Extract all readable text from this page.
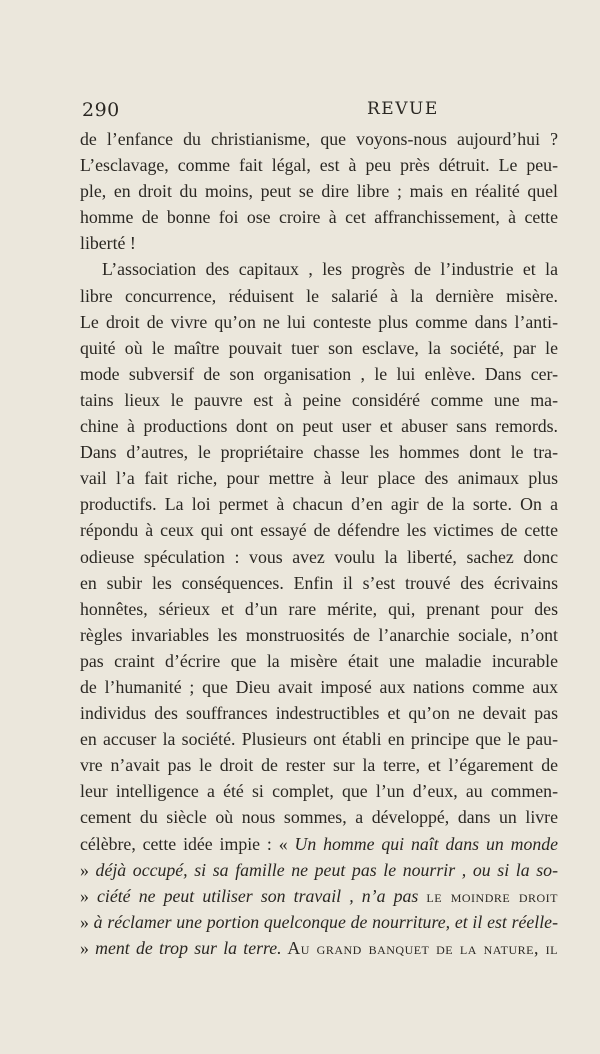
290	REVUE
de l’enfance du christianisme, que voyons-nous aujourd’hui ?
L’esclavage, comme fait légal, est à peu près détruit. Le peu-
ple, en droit du moins, peut se dire libre ; mais en réalité quel
homme de bonne foi ose croire à cet affranchissement, à cette
liberté !
L’association des capitaux , les progrès de l’industrie et la
libre concurrence, réduisent le salarié à la dernière misère.
Le droit de vivre qu’on ne lui conteste plus comme dans l’anti-
quité où le maître pouvait tuer son esclave, la société, par le
mode subversif de son organisation , le lui enlève. Dans cer-
tains lieux le pauvre est à peine considéré comme une ma-
chine à productions dont on peut user et abuser sans remords.
Dans d’autres, le propriétaire chasse les hommes dont le tra-
vail l’a fait riche, pour mettre à leur place des animaux plus
productifs. La loi permet à chacun d’en agir de la sorte. On a
répondu à ceux qui ont essayé de défendre les victimes de cette
odieuse spéculation : vous avez voulu la liberté, sachez donc
en subir les conséquences. Enfin il s’est trouvé des écrivains
honnêtes, sérieux et d’un rare mérite, qui, prenant pour des
règles invariables les monstruosités de l’anarchie sociale, n’ont
pas craint d’écrire que la misère était une maladie incurable
de l’humanité ; que Dieu avait imposé aux nations comme aux
individus des souffrances indestructibles et qu’on ne devait pas
en accuser la société. Plusieurs ont établi en principe que le pau-
vre n’avait pas le droit de rester sur la terre, et l’égarement de
leur intelligence a été si complet, que l’un d’eux, au commen-
cement du siècle où nous sommes, a développé, dans un livre
célèbre, cette idée impie : « Un homme qui naît dans un monde
» déjà occupé, si sa famille ne peut pas le nourrir , ou si la so-
» ciété ne peut utiliser son travail , n’a pas le moindre droit
» à réclamer une portion quelconque de nourriture, et il est réelle-
» ment de trop sur la terre. Au grand banquet de la nature, il
